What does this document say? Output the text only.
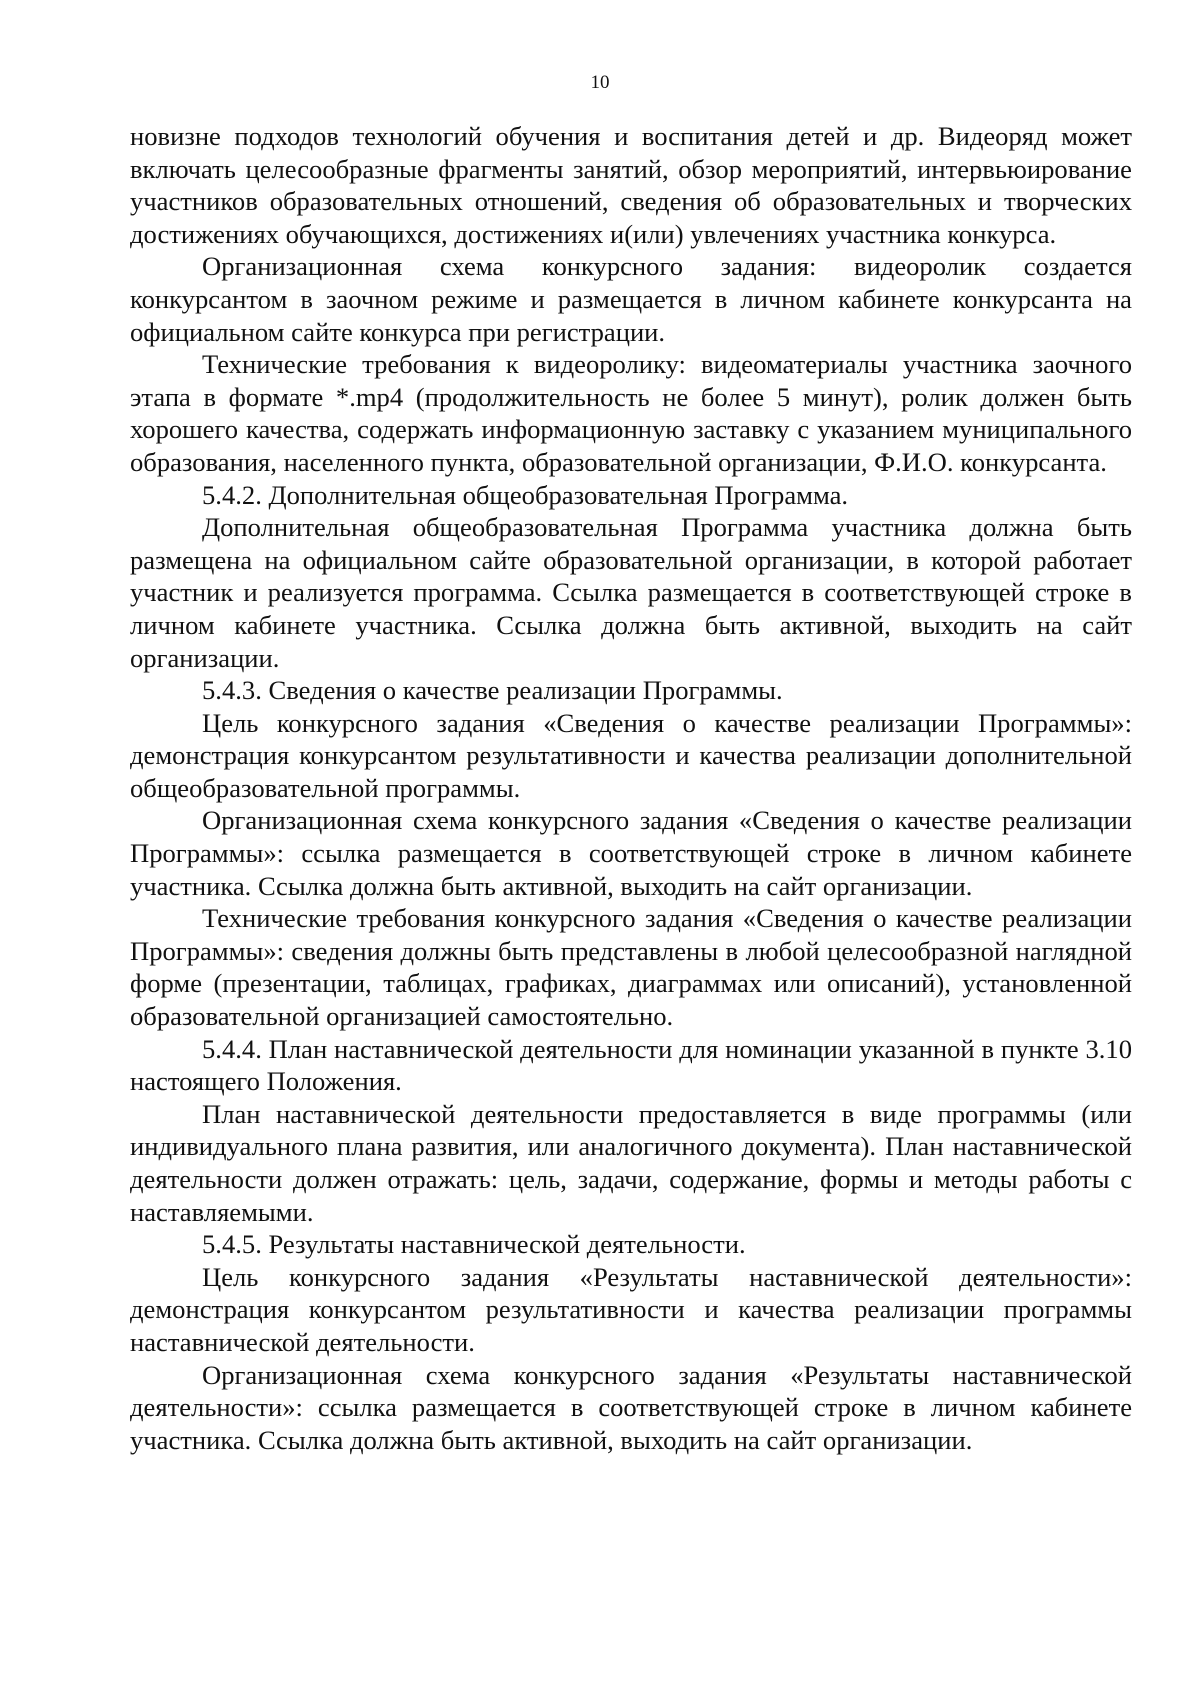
10

новизне подходов технологий обучения и воспитания детей и др. Видеоряд может включать целесообразные фрагменты занятий, обзор мероприятий, интервьюирование участников образовательных отношений, сведения об образовательных и творческих достижениях обучающихся, достижениях и(или) увлечениях участника конкурса.

Организационная схема конкурсного задания: видеоролик создается конкурсантом в заочном режиме и размещается в личном кабинете конкурсанта на официальном сайте конкурса при регистрации.

Технические требования к видеоролику: видеоматериалы участника заочного этапа в формате *.mp4 (продолжительность не более 5 минут), ролик должен быть хорошего качества, содержать информационную заставку с указанием муниципального образования, населенного пункта, образовательной организации, Ф.И.О. конкурсанта.

5.4.2. Дополнительная общеобразовательная Программа.

Дополнительная общеобразовательная Программа участника должна быть размещена на официальном сайте образовательной организации, в которой работает участник и реализуется программа. Ссылка размещается в соответствующей строке в личном кабинете участника. Ссылка должна быть активной, выходить на сайт организации.

5.4.3. Сведения о качестве реализации Программы.

Цель конкурсного задания «Сведения о качестве реализации Программы»: демонстрация конкурсантом результативности и качества реализации дополнительной общеобразовательной программы.

Организационная схема конкурсного задания «Сведения о качестве реализации Программы»: ссылка размещается в соответствующей строке в личном кабинете участника. Ссылка должна быть активной, выходить на сайт организации.

Технические требования конкурсного задания «Сведения о качестве реализации Программы»: сведения должны быть представлены в любой целесообразной наглядной форме (презентации, таблицах, графиках, диаграммах или описаний), установленной образовательной организацией самостоятельно.

5.4.4. План наставнической деятельности для номинации указанной в пункте 3.10 настоящего Положения.

План наставнической деятельности предоставляется в виде программы (или индивидуального плана развития, или аналогичного документа). План наставнической деятельности должен отражать: цель, задачи, содержание, формы и методы работы с наставляемыми.

5.4.5. Результаты наставнической деятельности.

Цель конкурсного задания «Результаты наставнической деятельности»: демонстрация конкурсантом результативности и качества реализации программы наставнической деятельности.

Организационная схема конкурсного задания «Результаты наставнической деятельности»: ссылка размещается в соответствующей строке в личном кабинете участника. Ссылка должна быть активной, выходить на сайт организации.
